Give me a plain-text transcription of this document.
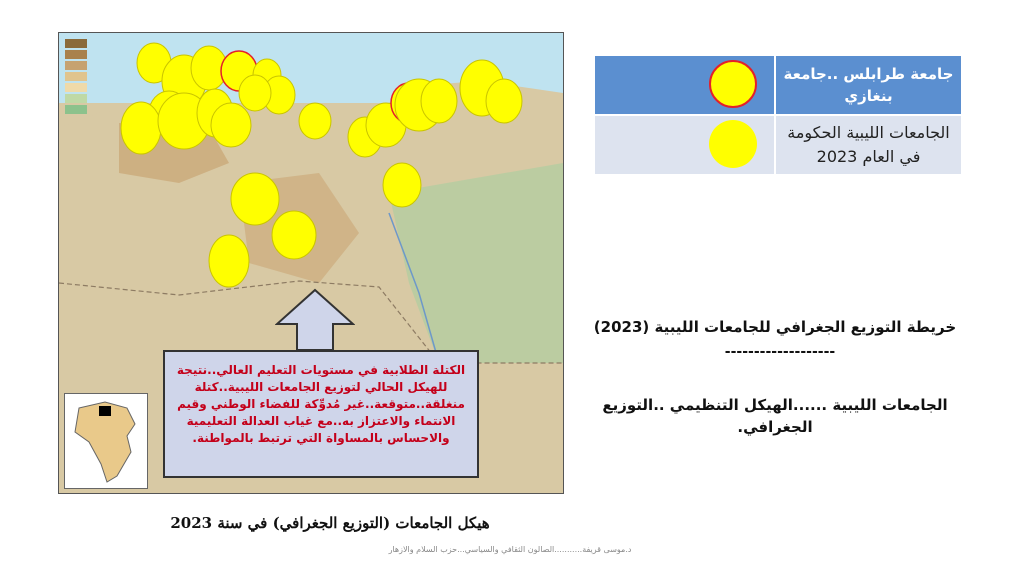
الكتلة الطلابية في مستويات التعليم العالي..نتيجة للهيكل الحالي لتوزيع الجامعات الليبية..كتلة منغلقة..متوقعة..غير مُدوِّكة للفضاء الوطني وقيم الانتماء والاعتزاز به..مع غياب العدالة التعليمية والاحساس بالمساواة التي ترتبط بالمواطنة.
	جامعة طرابلس ..جامعة بنغازي

	الجامعات الليبية الحكومة في العام 2023
خريطة التوزيع الجغرافي للجامعات الليبية (2023)
-------------------
الجامعات الليبية ......الهيكل التنظيمي ..التوزيع الجغرافي.
هيكل الجامعات (التوزيع الجغرافي) في سنة 2023
د.موسى قريفة...........الصالون الثقافي والسياسي...حزب السلام والازهار
